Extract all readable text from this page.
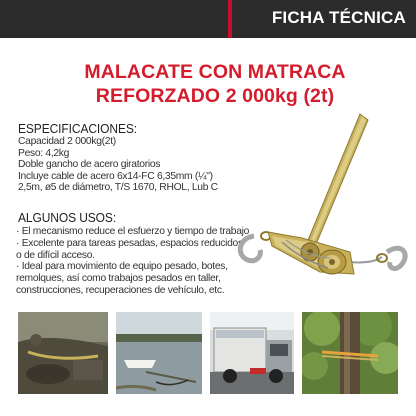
FICHA TÉCNICA
MALACATE CON MATRACA
REFORZADO 2 000kg (2t)
ESPECIFICACIONES:
Capacidad 2 000kg(2t)
Peso: 4,2kg
Doble gancho de acero giratorios
Incluye cable de acero 6x14-FC 6,35mm (¼")
2,5m, ø5 de diámetro, T/S 1670, RHOL, Lub C
ALGUNOS USOS:
· El mecanismo reduce el esfuerzo y tiempo de trabajo
· Excelente para tareas pesadas, espacios reducidos o de difícil acceso.
· Ideal para movimiento de equipo pesado, botes, remolques, así como trabajos pesados en taller, construcciones, recuperaciones de vehículo, etc.
